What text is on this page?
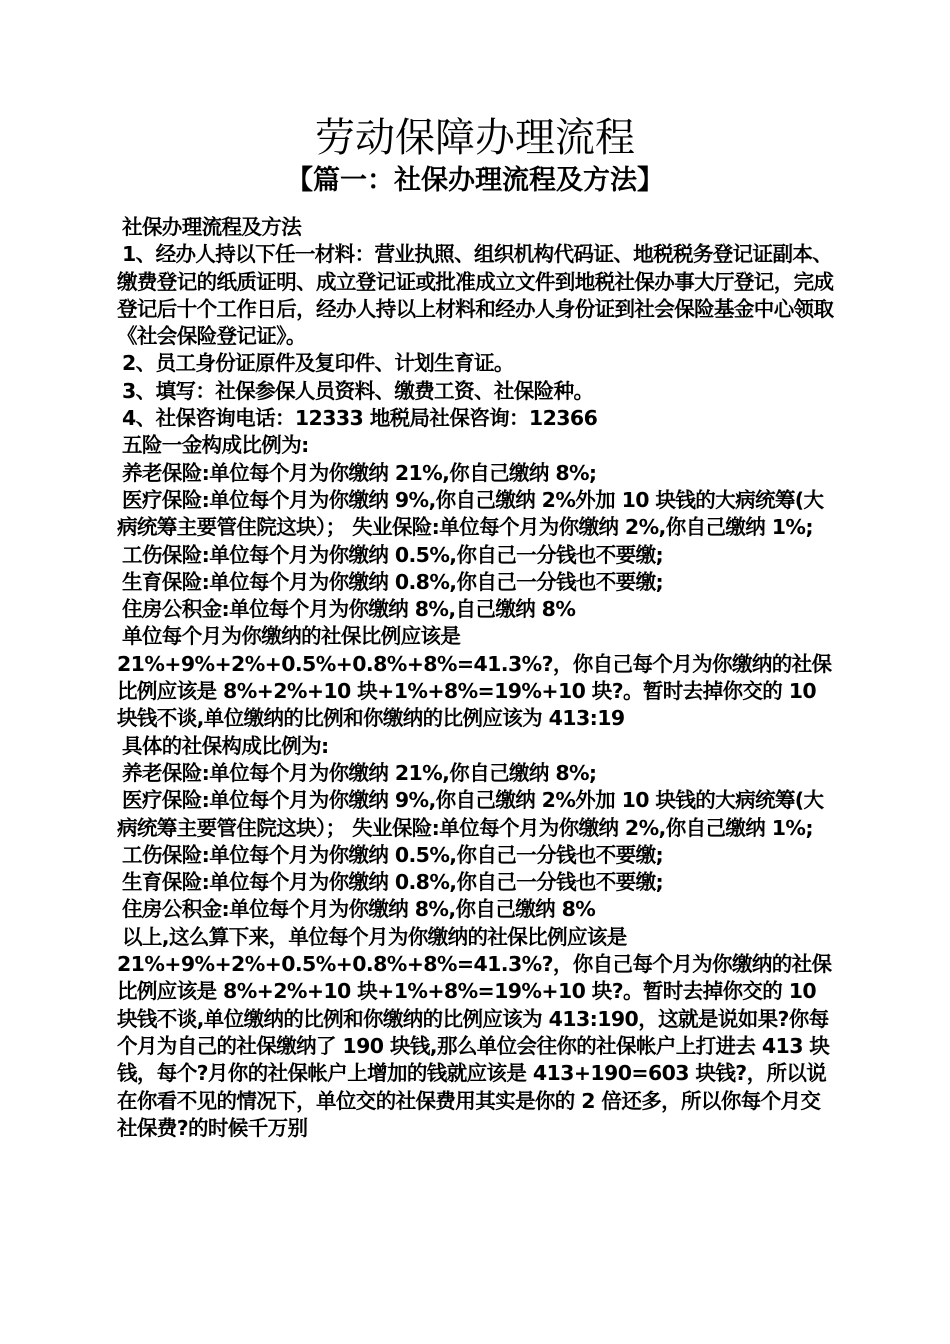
劳动保障办理流程
【篇一：社保办理流程及方法】

社保办理流程及方法

1、经办人持以下任一材料：营业执照、组织机构代码证、地税税务登记证副本、缴费登记的纸质证明、成立登记证或批准成立文件到地税社保办事大厅登记，完成登记后十个工作日后，经办人持以上材料和经办人身份证到社会保险基金中心领取《社会保险登记证》。

2、员工身份证原件及复印件、计划生育证。

3、填写：社保参保人员资料、缴费工资、社保险种。

4、社保咨询电话：12333 地税局社保咨询：12366

五险一金构成比例为:

养老保险:单位每个月为你缴纳 21%,你自己缴纳 8%;

医疗保险:单位每个月为你缴纳 9%,你自己缴纳 2%外加 10 块钱的大病统筹(大病统筹主要管住院这块）； 失业保险:单位每个月为你缴纳 2%,你自己缴纳 1%;

工伤保险:单位每个月为你缴纳 0.5%,你自己一分钱也不要缴;

生育保险:单位每个月为你缴纳 0.8%,你自己一分钱也不要缴;

住房公积金:单位每个月为你缴纳 8%,自己缴纳 8%

单位每个月为你缴纳的社保比例应该是 21%+9%+2%+0.5%+0.8%+8%=41.3%?，你自己每个月为你缴纳的社保比例应该是 8%+2%+10 块+1%+8%=19%+10 块?。暂时去掉你交的 10 块钱不谈,单位缴纳的比例和你缴纳的比例应该为 413:19

具体的社保构成比例为:

养老保险:单位每个月为你缴纳 21%,你自己缴纳 8%;

医疗保险:单位每个月为你缴纳 9%,你自己缴纳 2%外加 10 块钱的大病统筹(大病统筹主要管住院这块）； 失业保险:单位每个月为你缴纳 2%,你自己缴纳 1%;

工伤保险:单位每个月为你缴纳 0.5%,你自己一分钱也不要缴;

生育保险:单位每个月为你缴纳 0.8%,你自己一分钱也不要缴;

住房公积金:单位每个月为你缴纳 8%,你自己缴纳 8%

以上,这么算下来，单位每个月为你缴纳的社保比例应该是 21%+9%+2%+0.5%+0.8%+8%=41.3%?，你自己每个月为你缴纳的社保比例应该是 8%+2%+10 块+1%+8%=19%+10 块?。暂时去掉你交的 10 块钱不谈,单位缴纳的比例和你缴纳的比例应该为 413:190，这就是说如果?你每个月为自己的社保缴纳了 190 块钱,那么单位会往你的社保帐户上打进去 413 块钱，每个?月你的社保帐户上增加的钱就应该是 413+190=603 块钱?，所以说在你看不见的情况下，单位交的社保费用其实是你的 2 倍还多，所以你每个月交社保费?的时候千万别
